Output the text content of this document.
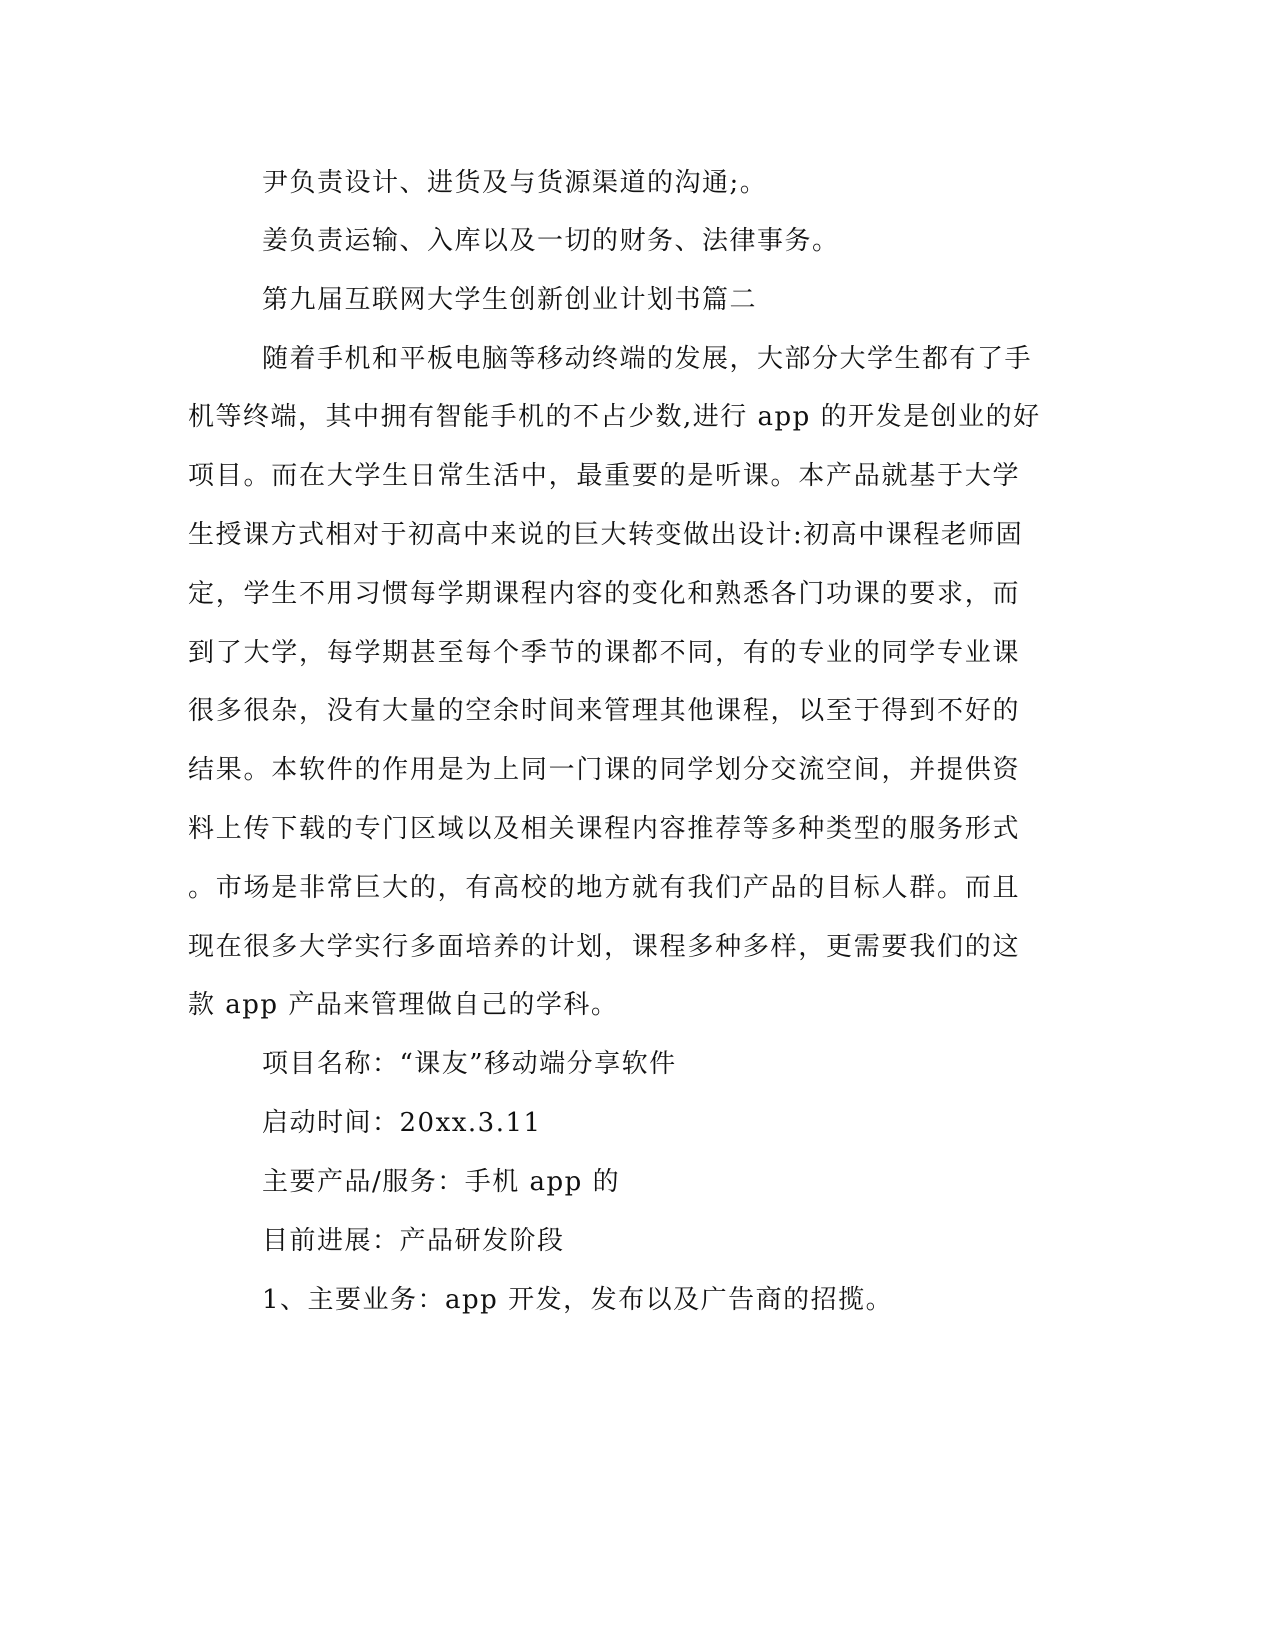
尹负责设计、进货及与货源渠道的沟通;。

姜负责运输、入库以及一切的财务、法律事务。

第九届互联网大学生创新创业计划书篇二

随着手机和平板电脑等移动终端的发展，大部分大学生都有了手

机等终端，其中拥有智能手机的不占少数,进行 app 的开发是创业的好

项目。而在大学生日常生活中，最重要的是听课。本产品就基于大学

生授课方式相对于初高中来说的巨大转变做出设计:初高中课程老师固

定，学生不用习惯每学期课程内容的变化和熟悉各门功课的要求，而

到了大学，每学期甚至每个季节的课都不同，有的专业的同学专业课

很多很杂，没有大量的空余时间来管理其他课程，以至于得到不好的

结果。本软件的作用是为上同一门课的同学划分交流空间，并提供资

料上传下载的专门区域以及相关课程内容推荐等多种类型的服务形式

。市场是非常巨大的，有高校的地方就有我们产品的目标人群。而且

现在很多大学实行多面培养的计划，课程多种多样，更需要我们的这

款 app 产品来管理做自己的学科。

项目名称：“课友”移动端分享软件

启动时间：20xx.3.11

主要产品/服务：手机 app 的

目前进展：产品研发阶段

1、主要业务：app 开发，发布以及广告商的招揽。
